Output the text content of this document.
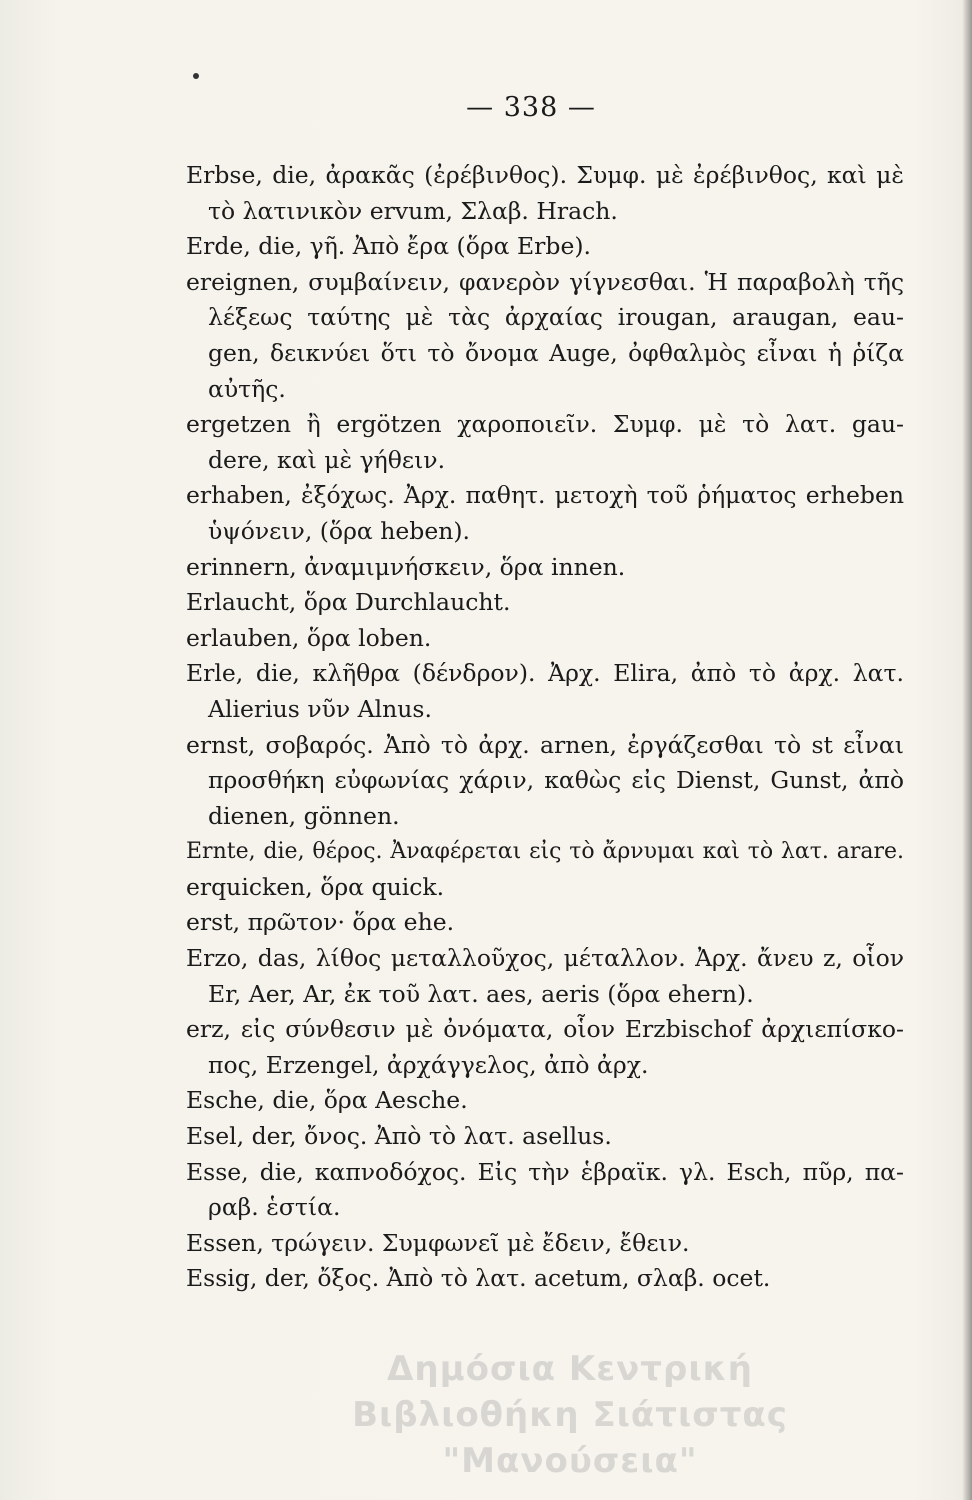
— 338 —
Erbse, die, ἀρακᾶς (ἐρέβινθος). Συμφ. μὲ ἐρέβινθος, καὶ μὲ
τὸ λατινικὸν ervum, Σλαβ. Hrach.
Erde, die, γῆ. Ἀπὸ ἔρα (ὅρα Erbe).
ereignen, συμβαίνειν, φανερὸν γίγνεσθαι. Ἡ παραβολὴ τῆς
λέξεως ταύτης μὲ τὰς ἀρχαίας irougan, araugan, eau-
gen, δεικνύει ὅτι τὸ ὄνομα Auge, ὀφθαλμὸς εἶναι ἡ ῥίζα
αὐτῆς.
ergetzen ἢ ergötzen χαροποιεῖν. Συμφ. μὲ τὸ λατ. gau-
dere, καὶ μὲ γήθειν.
erhaben, ἐξόχως. Ἀρχ. παθητ. μετοχὴ τοῦ ῥήματος erheben
ὑψόνειν, (ὅρα heben).
erinnern, ἀναμιμνήσκειν, ὅρα innen.
Erlaucht, ὅρα Durchlaucht.
erlauben, ὅρα loben.
Erle, die, κλῆθρα (δένδρον). Ἀρχ. Elira, ἀπὸ τὸ ἀρχ. λατ.
Alierius νῦν Alnus.
ernst, σοβαρός. Ἀπὸ τὸ ἀρχ. arnen, ἐργάζεσθαι τὸ st εἶναι
προσθήκη εὐφωνίας χάριν, καθὼς εἰς Dienst, Gunst, ἀπὸ
dienen, gönnen.
Ernte, die, θέρος. Ἀναφέρεται εἰς τὸ ἄρνυμαι καὶ τὸ λατ. arare.
erquicken, ὅρα quick.
erst, πρῶτον· ὅρα ehe.
Erzo, das, λίθος μεταλλοῦχος, μέταλλον. Ἀρχ. ἄνευ z, οἷον
Er, Aer, Ar, ἐκ τοῦ λατ. aes, aeris (ὅρα ehern).
erz, εἰς σύνθεσιν μὲ ὀνόματα, οἷον Erzbischof ἀρχιεπίσκο-
πος, Erzengel, ἀρχάγγελος, ἀπὸ ἀρχ.
Esche, die, ὅρα Aesche.
Esel, der, ὄνος. Ἀπὸ τὸ λατ. asellus.
Esse, die, καπνοδόχος. Εἰς τὴν ἑβραϊκ. γλ. Esch, πῦρ, πα-
ραβ. ἑστία.
Essen, τρώγειν. Συμφωνεῖ μὲ ἔδειν, ἔθειν.
Essig, der, ὄξος. Ἀπὸ τὸ λατ. acetum, σλαβ. ocet.
Δημόσια Κεντρική
Βιβλιοθήκη Σιάτιστας "Μανούσεια"
